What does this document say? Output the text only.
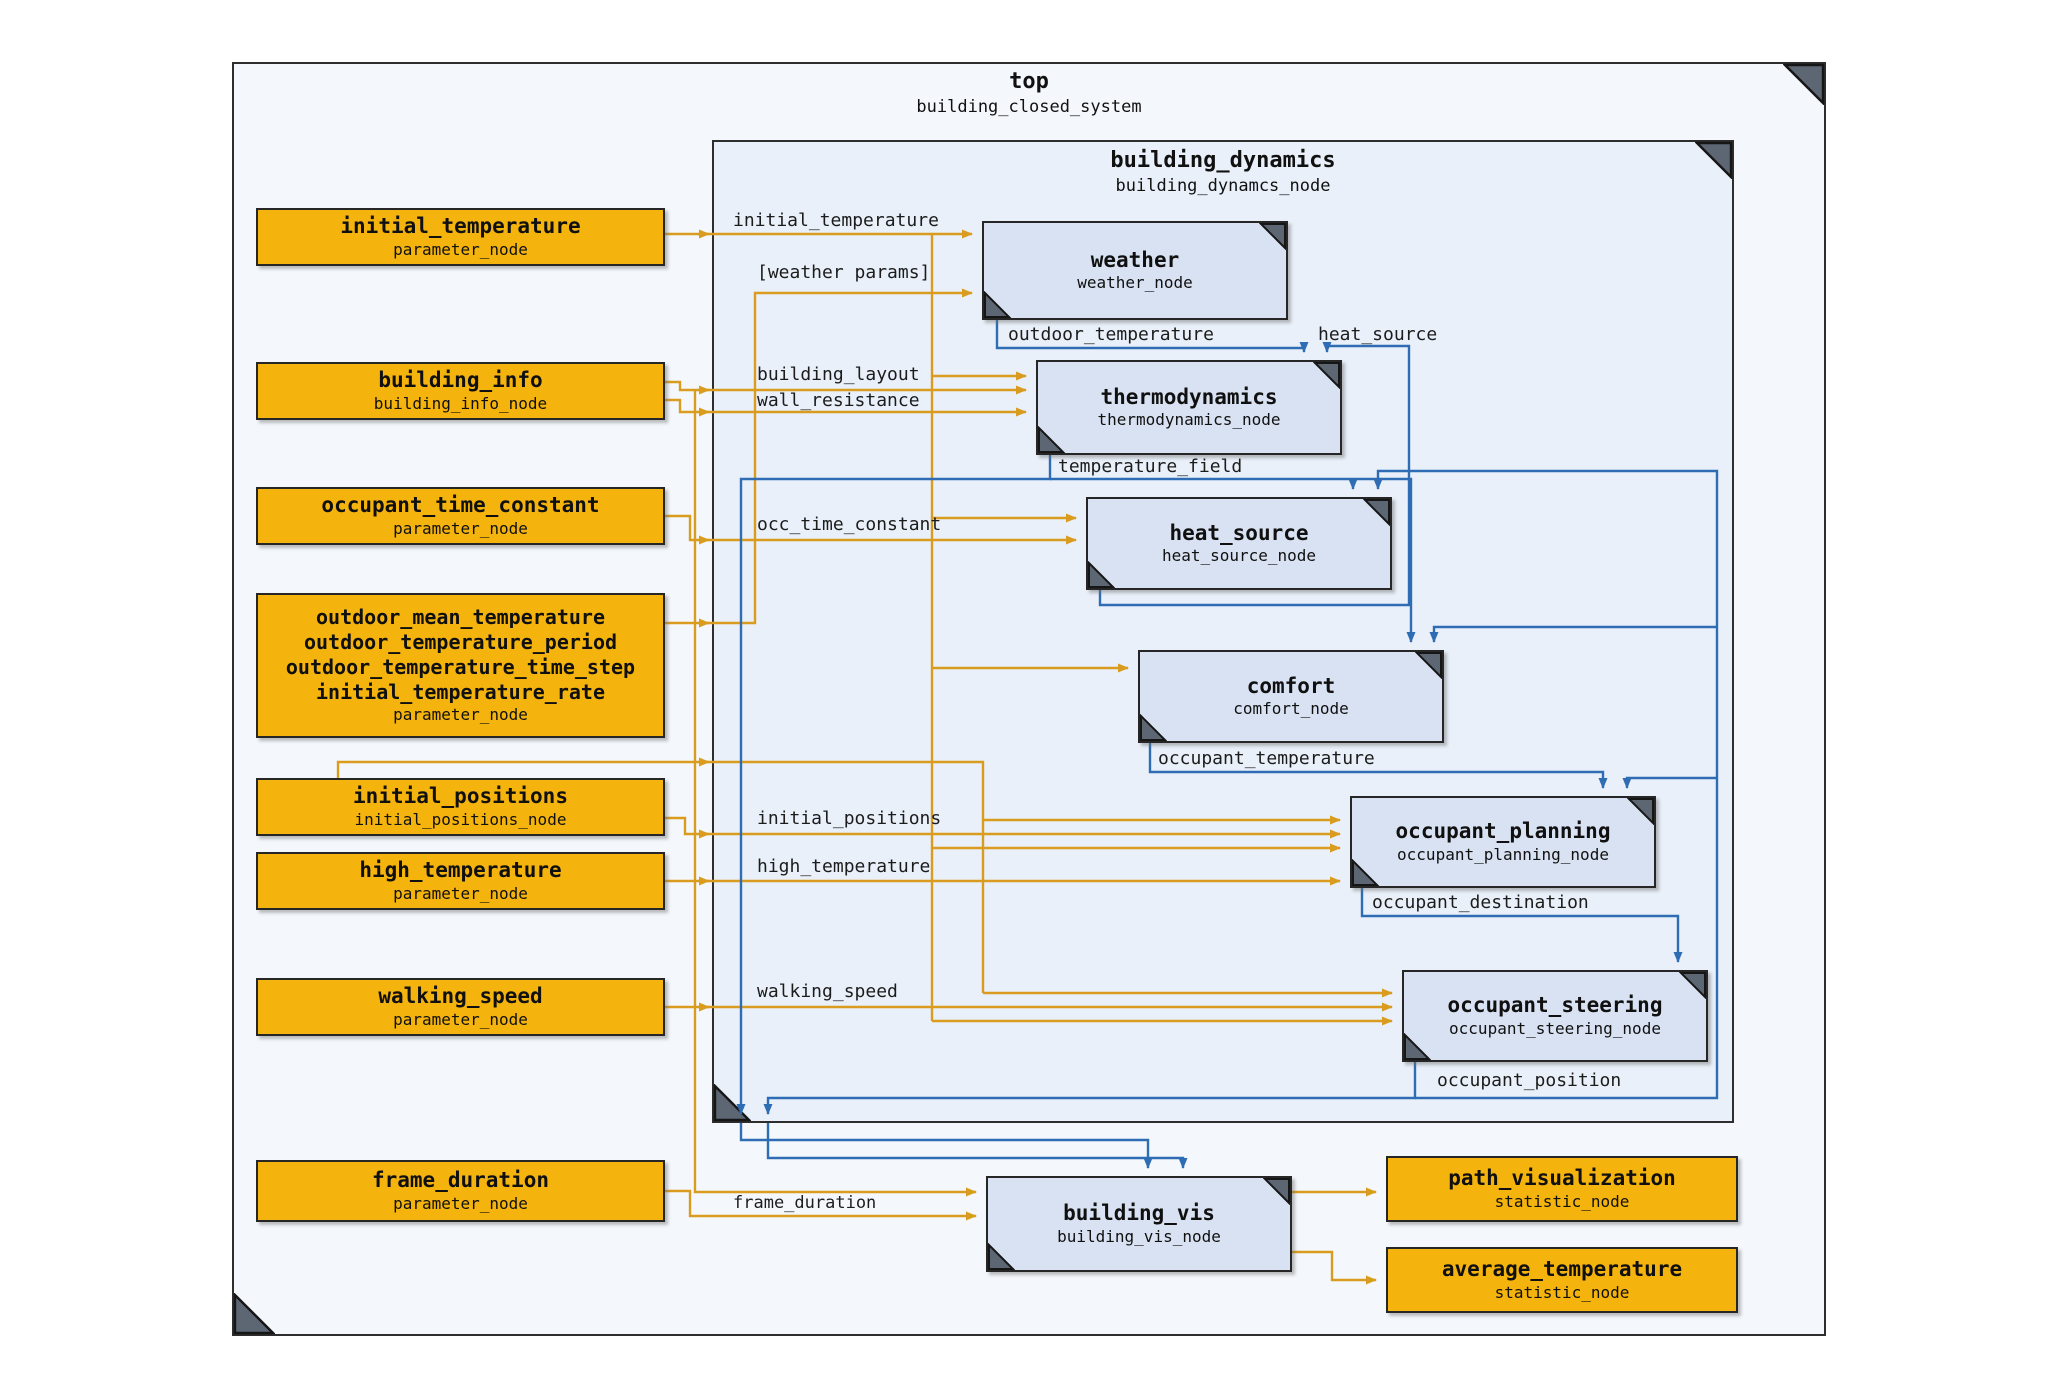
top
building_closed_system
building_dynamics
building_dynamcs_node
initial_temperature
parameter_node
building_info
building_info_node
occupant_time_constant
parameter_node
outdoor_mean_temperature
outdoor_temperature_period
outdoor_temperature_time_step
initial_temperature_rate
parameter_node
initial_positions
initial_positions_node
high_temperature
parameter_node
walking_speed
parameter_node
frame_duration
parameter_node
weather
weather_node
thermodynamics
thermodynamics_node
heat_source
heat_source_node
comfort
comfort_node
occupant_planning
occupant_planning_node
occupant_steering
occupant_steering_node
building_vis
building_vis_node
path_visualization
statistic_node
average_temperature
statistic_node
initial_temperature
[weather params]
building_layout
wall_resistance
occ_time_constant
initial_positions
high_temperature
walking_speed
frame_duration
outdoor_temperature	heat_source
temperature_field
occupant_temperature
occupant_destination
occupant_position
